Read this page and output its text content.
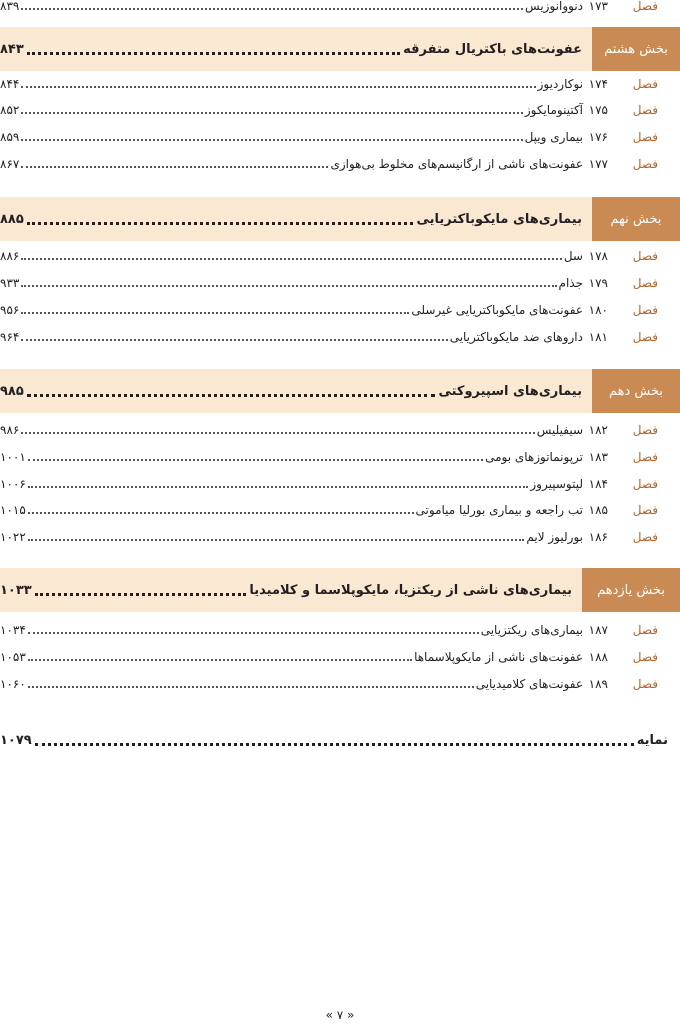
فصل
۱۷۳
دنووانوزیس
۸۳۹
بخش هشتم
عفونت‌های باکتریال متفرقه
۸۴۳
فصل
۱۷۴
نوکاردیوز
۸۴۴
فصل
۱۷۵
آکتینومایکوز
۸۵۲
فصل
۱۷۶
بیماری ویپل
۸۵۹
فصل
۱۷۷
عفونت‌های ناشی از ارگانیسم‌های مخلوط بی‌هوازی
۸۶۷
بخش نهم
بیماری‌های مایکوباکتریایی
۸۸۵
فصل
۱۷۸
سل
۸۸۶
فصل
۱۷۹
جذام
۹۳۳
فصل
۱۸۰
عفونت‌های مایکوباکتریایی غیرسلی
۹۵۶
فصل
۱۸۱
داروهای ضد مایکوباکتریایی
۹۶۴
بخش دهم
بیماری‌های اسپیروکتی
۹۸۵
فصل
۱۸۲
سیفیلیس
۹۸۶
فصل
۱۸۳
ترپونماتوزهای بومی
۱۰۰۱
فصل
۱۸۴
لپتوسپیروز
۱۰۰۶
فصل
۱۸۵
تب راجعه و بیماری بورلیا میاموتی
۱۰۱۵
فصل
۱۸۶
بورلیوز لایم
۱۰۲۲
بخش یازدهم
بیماری‌های ناشی از ریکتزیا، مایکوپلاسما و کلامیدیا
۱۰۳۳
فصل
۱۸۷
بیماری‌های ریکتزیایی
۱۰۳۴
فصل
۱۸۸
عفونت‌های ناشی از مایکوپلاسماها
۱۰۵۳
فصل
۱۸۹
عفونت‌های کلامیدیایی
۱۰۶۰
نمایه
۱۰۷۹
« ۷ »
